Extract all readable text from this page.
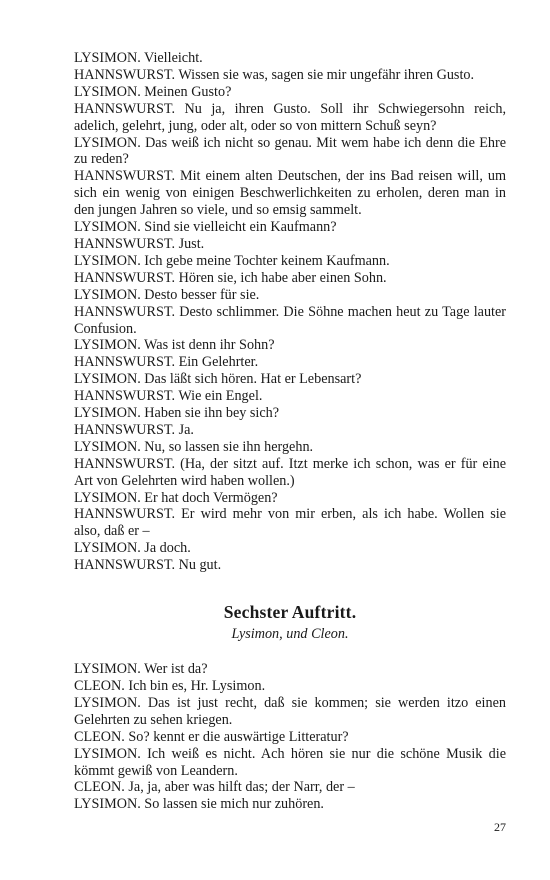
LYSIMON. Vielleicht.

HANNSWURST. Wissen sie was, sagen sie mir ungefähr ihren Gusto.

LYSIMON. Meinen Gusto?

HANNSWURST. Nu ja, ihren Gusto. Soll ihr Schwiegersohn reich, adelich, gelehrt, jung, oder alt, oder so von mittern Schuß seyn?

LYSIMON. Das weiß ich nicht so genau. Mit wem habe ich denn die Ehre zu reden?

HANNSWURST. Mit einem alten Deutschen, der ins Bad reisen will, um sich ein wenig von einigen Beschwerlichkeiten zu erholen, deren man in den jungen Jahren so viele, und so emsig sammelt.

LYSIMON. Sind sie vielleicht ein Kaufmann?

HANNSWURST. Just.

LYSIMON. Ich gebe meine Tochter keinem Kaufmann.

HANNSWURST. Hören sie, ich habe aber einen Sohn.

LYSIMON. Desto besser für sie.

HANNSWURST. Desto schlimmer. Die Söhne machen heut zu Tage lauter Confusion.

LYSIMON. Was ist denn ihr Sohn?

HANNSWURST. Ein Gelehrter.

LYSIMON. Das läßt sich hören. Hat er Lebensart?

HANNSWURST. Wie ein Engel.

LYSIMON. Haben sie ihn bey sich?

HANNSWURST. Ja.

LYSIMON. Nu, so lassen sie ihn hergehn.

HANNSWURST. (Ha, der sitzt auf. Itzt merke ich schon, was er für eine Art von Gelehrten wird haben wollen.)

LYSIMON. Er hat doch Vermögen?

HANNSWURST. Er wird mehr von mir erben, als ich habe. Wollen sie also, daß er –

LYSIMON. Ja doch.

HANNSWURST. Nu gut.

Sechster Auftritt.
Lysimon, und Cleon.

LYSIMON. Wer ist da?

CLEON. Ich bin es, Hr. Lysimon.

LYSIMON. Das ist just recht, daß sie kommen; sie werden itzo einen Gelehrten zu sehen kriegen.

CLEON. So? kennt er die auswärtige Litteratur?

LYSIMON. Ich weiß es nicht. Ach hören sie nur die schöne Musik die kömmt gewiß von Leandern.

CLEON. Ja, ja, aber was hilft das; der Narr, der –

LYSIMON. So lassen sie mich nur zuhören.

27
